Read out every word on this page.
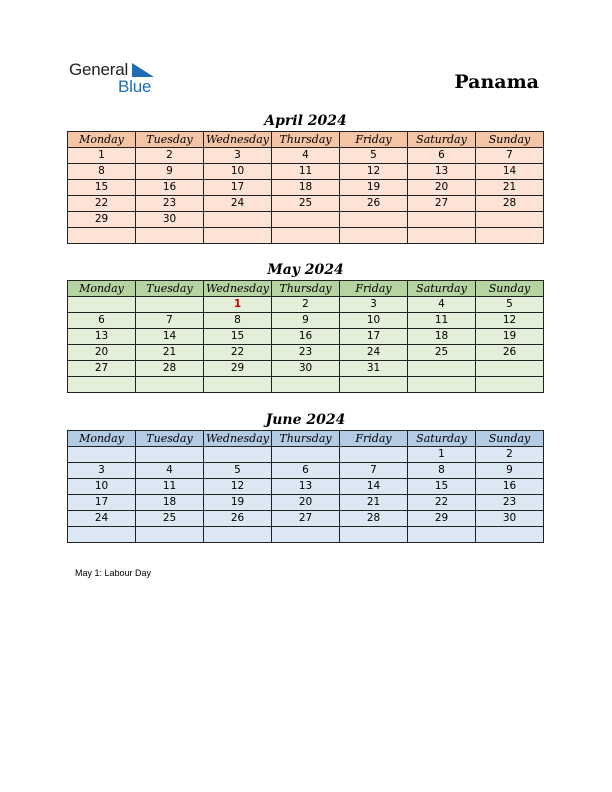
General
Blue	Panama
April 2024
Monday	Tuesday	Wednesday	Thursday	Friday	Saturday	Sunday
1	2	3	4	5	6	7
8	9	10	11	12	13	14
15	16	17	18	19	20	21
22	23	24	25	26	27	28
29	30					

May 2024
Monday	Tuesday	Wednesday	Thursday	Friday	Saturday	Sunday
		1	2	3	4	5
6	7	8	9	10	11	12
13	14	15	16	17	18	19
20	21	22	23	24	25	26
27	28	29	30	31		

June 2024
Monday	Tuesday	Wednesday	Thursday	Friday	Saturday	Sunday
					1	2
3	4	5	6	7	8	9
10	11	12	13	14	15	16
17	18	19	20	21	22	23
24	25	26	27	28	29	30

May 1: Labour Day
